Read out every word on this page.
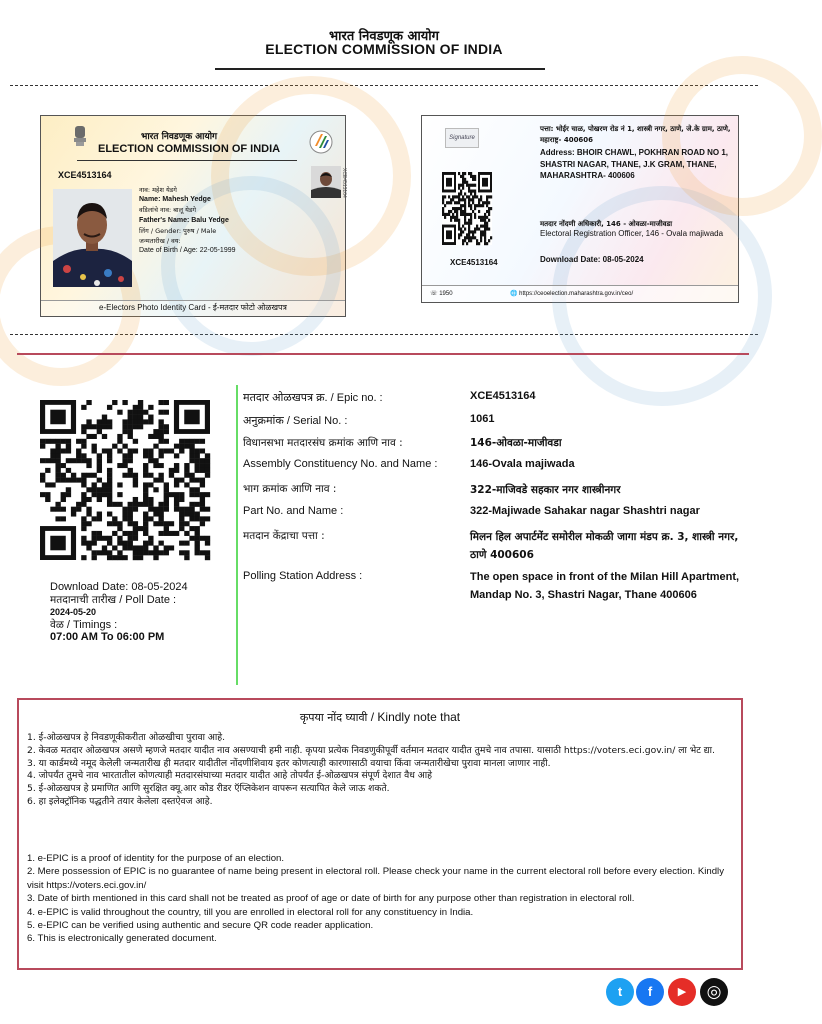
भारत निवडणूक आयोग
ELECTION COMMISSION OF INDIA
भारत निवडणूक आयोग
ELECTION COMMISSION OF INDIA
XCE4513164	XCE4513164
नाव: महेश येडगे
Name: Mahesh Yedge
वडिलांचे नाव: बालू येडगे
Father's Name: Balu Yedge
लिंग / Gender: पुरुष / Male
जन्मतारीख / वय:
Date of Birth / Age: 22-05-1999
e-Electors Photo Identity Card - ई-मतदार फोटो ओळखपत्र
Signature
पत्ता: भोईर चाळ, पोखरण रोड नं 1, शास्त्री नगर, ठाणे, जे.के ग्राम, ठाणे, महाराष्ट्र- 400606
Address: BHOIR CHAWL, POKHRAN ROAD NO 1, SHASTRI NAGAR, THANE, J.K GRAM, THANE, MAHARASHTRA- 400606
मतदार नोंदणी अधिकारी, 146 - ओवळा-माजीवडा
Electoral Registration Officer, 146 - Ovala majiwada
Download Date: 08-05-2024
XCE4513164
☏ 1950	🌐 https://ceoelection.maharashtra.gov.in/ceo/
Download Date: 08-05-2024
मतदानाची तारीख / Poll Date :
2024-05-20
वेळ / Timings :
07:00 AM To 06:00 PM
मतदार ओळखपत्र क्र. / Epic no. :	XCE4513164
अनुक्रमांक / Serial No. :	1061
विधानसभा मतदारसंघ क्रमांक आणि नाव :	146-ओवळा-माजीवडा
Assembly Constituency No. and Name :	146-Ovala majiwada
भाग क्रमांक आणि नाव :	322-माजिवडे सहकार नगर शास्त्रीनगर
Part No. and Name :	322-Majiwade Sahakar nagar Shashtri nagar
मतदान केंद्राचा पत्ता :	मिलन हिल अपार्टमेंट समोरील मोकळी जागा मंडप क्र. 3, शास्त्री नगर, ठाणे 400606
Polling Station Address :	The open space in front of the Milan Hill Apartment, Mandap No. 3, Shastri Nagar, Thane 400606
कृपया नोंद घ्यावी / Kindly note that
1. ई-ओळखपत्र हे निवडणूकीकरीता ओळखीचा पुरावा आहे.
2. केवळ मतदार ओळखपत्र असणे म्हणजे मतदार यादीत नाव असण्याची हमी नाही. कृपया प्रत्येक निवडणुकीपूर्वी वर्तमान मतदार यादीत तुमचे नाव तपासा. यासाठी https://voters.eci.gov.in/ ला भेट द्या.
3. या कार्डमध्ये नमूद केलेली जन्मतारीख ही मतदार यादीतील नोंदणीशिवाय इतर कोणत्याही कारणासाठी वयाचा किंवा जन्मतारीखेचा पुरावा मानला जाणार नाही.
4. जोपर्यंत तुमचे नाव भारतातील कोणत्याही मतदारसंघाच्या मतदार यादीत आहे तोपर्यंत ई-ओळखपत्र संपूर्ण देशात वैध आहे
5. ई-ओळखपत्र हे प्रमाणित आणि सुरक्षित क्यू.आर कोड रीडर ऍप्लिकेशन वापरून सत्यापित केले जाऊ शकते.
6. हा इलेक्ट्रॉनिक पद्धतीने तयार केलेला दस्तऐवज आहे.
1. e-EPIC is a proof of identity for the purpose of an election.
2. Mere possession of EPIC is no guarantee of name being present in electoral roll. Please check your name in the current electoral roll before every election. Kindly visit https://voters.eci.gov.in/
3. Date of birth mentioned in this card shall not be treated as proof of age or date of birth for any purpose other than registration in electoral roll.
4. e-EPIC is valid throughout the country, till you are enrolled in electoral roll for any constituency in India.
5. e-EPIC can be verified using authentic and secure QR code reader application.
6. This is electronically generated document.
t	f	▶	◎
